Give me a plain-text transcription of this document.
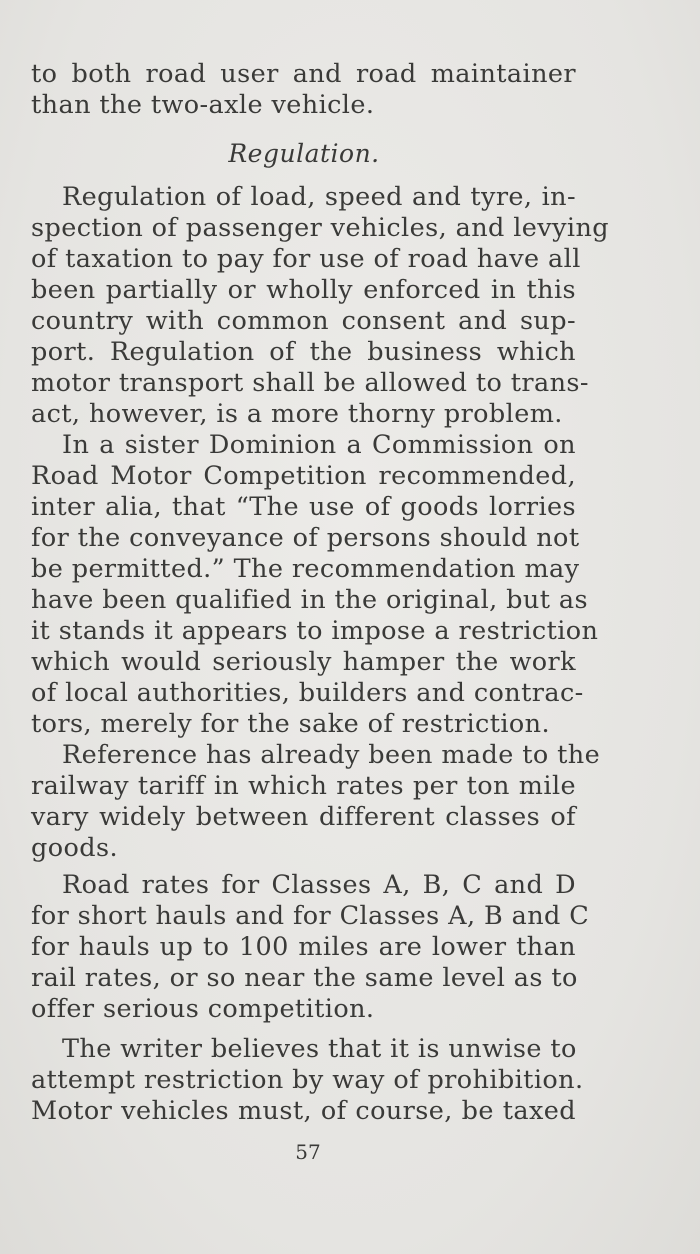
to both road user and road maintainer
than the two-axle vehicle.
Regulation.
Regulation of load, speed and tyre, in-
spection of passenger vehicles, and levying
of taxation to pay for use of road have all
been partially or wholly enforced in this
country with common consent and sup-
port. Regulation of the business which
motor transport shall be allowed to trans-
act, however, is a more thorny problem.
In a sister Dominion a Commission on
Road Motor Competition recommended,
inter alia, that “The use of goods lorries
for the conveyance of persons should not
be permitted.” The recommendation may
have been qualified in the original, but as
it stands it appears to impose a restriction
which would seriously hamper the work
of local authorities, builders and contrac-
tors, merely for the sake of restriction.
Reference has already been made to the
railway tariff in which rates per ton mile
vary widely between different classes of
goods.
Road rates for Classes A, B, C and D
for short hauls and for Classes A, B and C
for hauls up to 100 miles are lower than
rail rates, or so near the same level as to
offer serious competition.
The writer believes that it is unwise to
attempt restriction by way of prohibition.
Motor vehicles must, of course, be taxed
57
